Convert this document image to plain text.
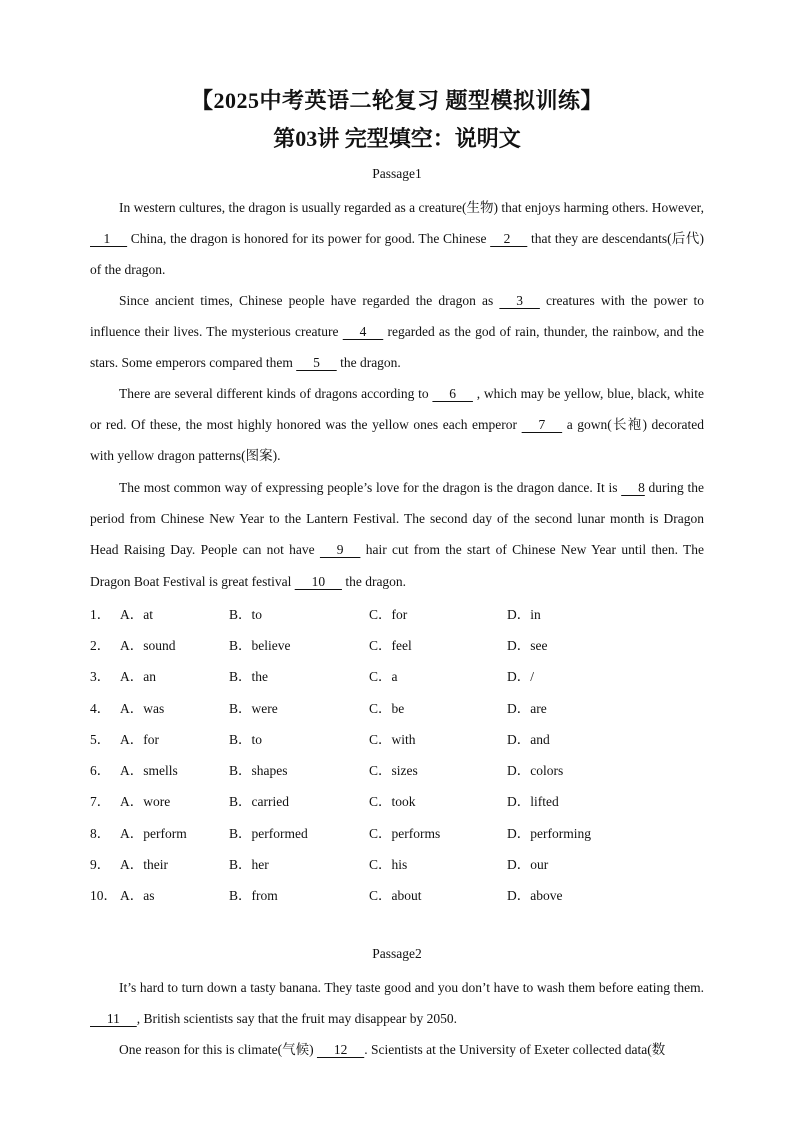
【2025中考英语二轮复习 题型模拟训练】
第03讲 完型填空：说明文
Passage1
In western cultures, the dragon is usually regarded as a creature(生物) that enjoys harming others. However,     1      China, the dragon is honored for its power for good. The Chinese     2      that they are descendants(后代) of the dragon.
Since ancient times, Chinese people have regarded the dragon as      3      creatures with the power to influence their lives. The mysterious creature      4      regarded as the god of rain, thunder, the rainbow, and the stars. Some emperors compared them      5      the dragon.
There are several different kinds of dragons according to      6      , which may be yellow, blue, black, white or red. Of these, the most highly honored was the yellow ones each emperor      7      a gown(长袍) decorated with yellow dragon patterns(图案).
The most common way of expressing people’s love for the dragon is the dragon dance. It is      8 during the period from Chinese New Year to the Lantern Festival. The second day of the second lunar month is Dragon Head Raising Day. People can not have      9      hair cut from the start of Chinese New Year until then. The Dragon Boat Festival is great festival      10      the dragon.
1． A．at	B．to	C．for	D．in
2． A．sound	B．believe	C．feel	D．see
3． A．an	B．the	C．a	D．/
4． A．was	B．were	C．be	D．are
5． A．for	B．to	C．with	D．and
6． A．smells	B．shapes	C．sizes	D．colors
7． A．wore	B．carried	C．took	D．lifted
8． A．perform	B．performed	C．performs	D．performing
9． A．their	B．her	C．his	D．our
10． A．as	B．from	C．about	D．above
Passage2
It’s hard to turn down a tasty banana. They taste good and you don’t have to wash them before eating them.      11     , British scientists say that the fruit may disappear by 2050.
One reason for this is climate(气候)      12     . Scientists at the University of Exeter collected data(数
